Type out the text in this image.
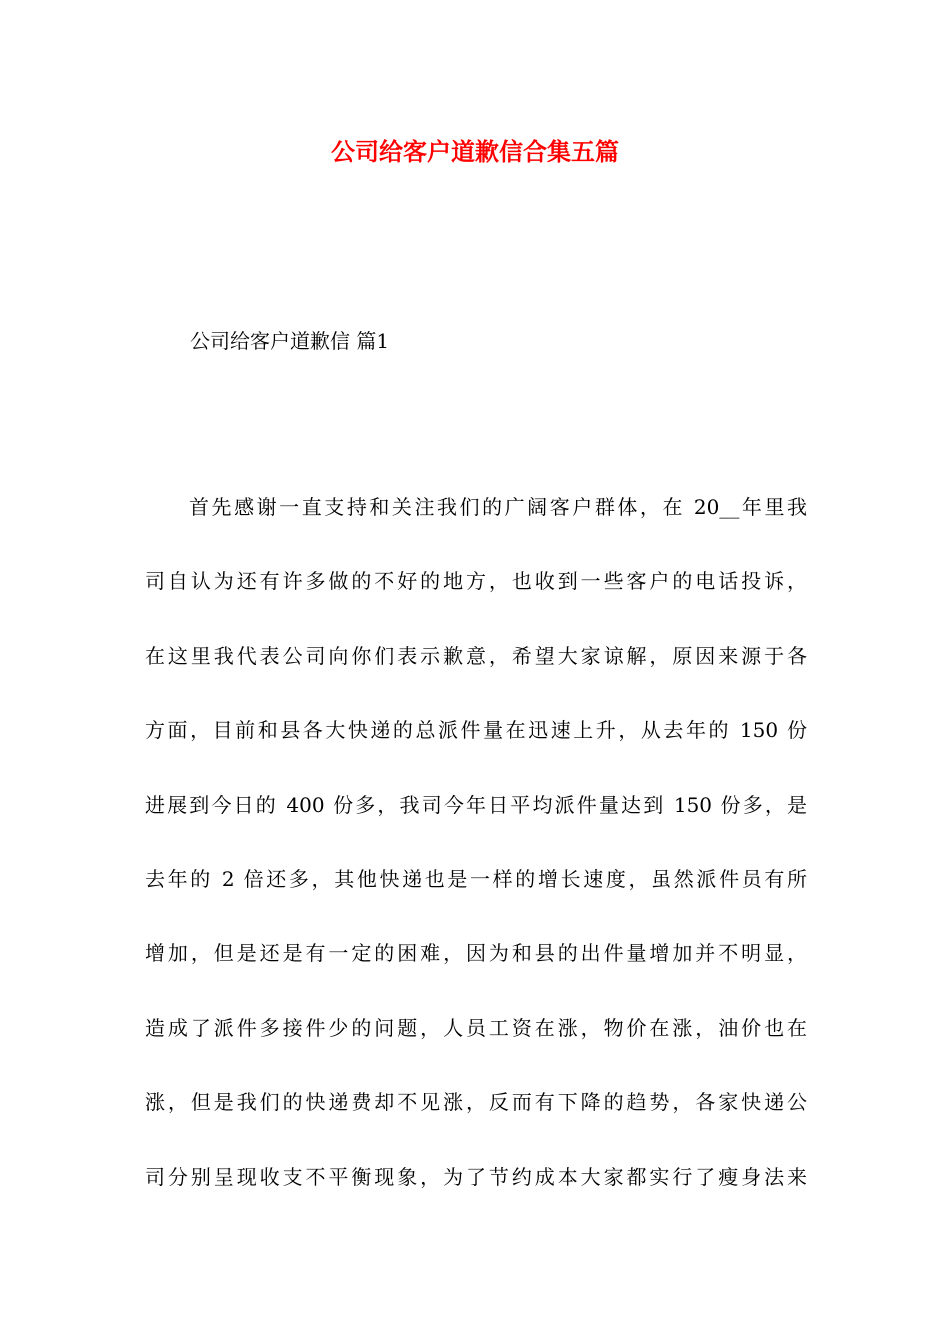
公司给客户道歉信合集五篇

公司给客户道歉信 篇1

首先感谢一直支持和关注我们的广阔客户群体，在 20__年里我
司自认为还有许多做的不好的地方，也收到一些客户的电话投诉，
在这里我代表公司向你们表示歉意，希望大家谅解，原因来源于各
方面，目前和县各大快递的总派件量在迅速上升，从去年的 150 份
进展到今日的 400 份多，我司今年日平均派件量达到 150 份多，是
去年的 2 倍还多，其他快递也是一样的增长速度，虽然派件员有所
增加，但是还是有一定的困难，因为和县的出件量增加并不明显，
造成了派件多接件少的问题，人员工资在涨，物价在涨，油价也在
涨，但是我们的快递费却不见涨，反而有下降的趋势，各家快递公
司分别呈现收支不平衡现象，为了节约成本大家都实行了瘦身法来
